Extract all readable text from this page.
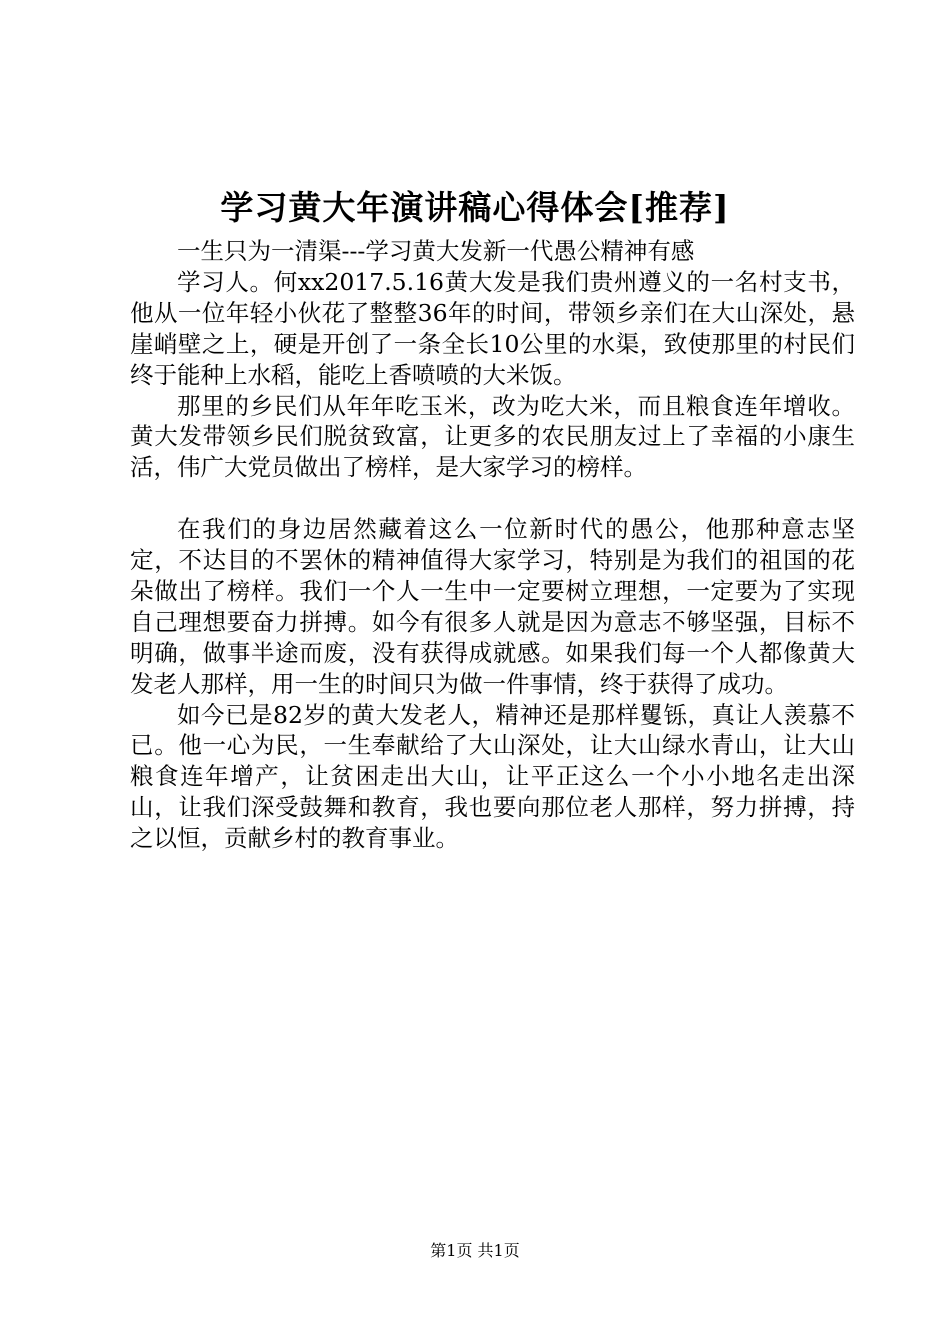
学习黄大年演讲稿心得体会[推荐]

一生只为一清渠---学习黄大发新一代愚公精神有感

学习人。何xx2017.5.16黄大发是我们贵州遵义的一名村支书，他从一位年轻小伙花了整整36年的时间，带领乡亲们在大山深处，悬崖峭壁之上，硬是开创了一条全长10公里的水渠，致使那里的村民们终于能种上水稻，能吃上香喷喷的大米饭。

那里的乡民们从年年吃玉米，改为吃大米，而且粮食连年增收。黄大发带领乡民们脱贫致富，让更多的农民朋友过上了幸福的小康生活，伟广大党员做出了榜样，是大家学习的榜样。

在我们的身边居然藏着这么一位新时代的愚公，他那种意志坚定，不达目的不罢休的精神值得大家学习，特别是为我们的祖国的花朵做出了榜样。我们一个人一生中一定要树立理想，一定要为了实现自己理想要奋力拼搏。如今有很多人就是因为意志不够坚强，目标不明确，做事半途而废，没有获得成就感。如果我们每一个人都像黄大发老人那样，用一生的时间只为做一件事情，终于获得了成功。

如今已是82岁的黄大发老人，精神还是那样矍铄，真让人羡慕不已。他一心为民，一生奉献给了大山深处，让大山绿水青山，让大山粮食连年增产，让贫困走出大山，让平正这么一个小小地名走出深山，让我们深受鼓舞和教育，我也要向那位老人那样，努力拼搏，持之以恒，贡献乡村的教育事业。

第1页 共1页
